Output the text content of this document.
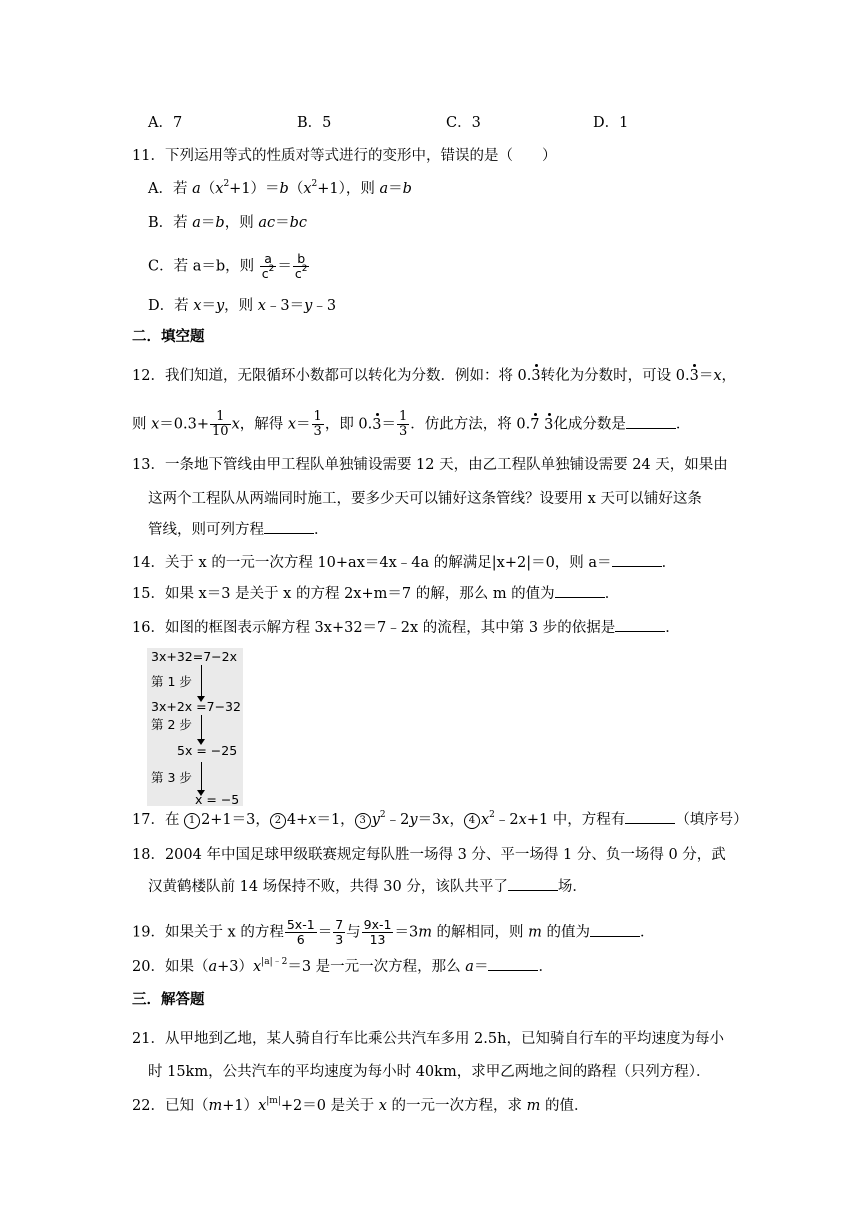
A．7	B．5	C．3	D．1
11．下列运用等式的性质对等式进行的变形中，错误的是（　　）
A．若 $a(x^2+1)=b(x^2+1)$，则 a＝b
B．若 a＝b，则 ac＝bc
C．若 a＝b，则 $\frac{a}{c^2} = \frac{b}{c^2}$
D．若 x＝y，则 x﹣3＝y﹣3
二．填空题
12．我们知道，无限循环小数都可以转化为分数．例如：将 0.3转化为分数时，可设 0.3＝x，
则 $x=0.3+ \frac{1}{10}$ x，解得 $x= \frac{1}{3}$ ，即 $0.3= \frac{1}{3}$ ．仿此方法，将 0.7 3化成分数是	．
13．一条地下管线由甲工程队单独铺设需要 12 天，由乙工程队单独铺设需要 24 天，如果由
这两个工程队从两端同时施工，要多少天可以铺好这条管线？设要用 x 天可以铺好这条
管线，则可列方程	．
14．关于 x 的一元一次方程 10+ax＝4x﹣4a 的解满足|x+2|＝0，则 a＝	．
15．如果 x＝3 是关于 x 的方程 2x+m＝7 的解，那么 m 的值为	．
16．如图的框图表示解方程 3x+32＝7﹣2x 的流程，其中第 3 步的依据是	．
3x+32=7−2x
第 1 步
3x+2x =7−32
第 2 步
5x = −25
第 3 步
x = −5
17．在 1 2+1＝3， 2 4+x＝1， 3 $y^2﹣2y=3x$， 4 $x^2﹣2x+1$ 中，方程有	（填序号）
18．2004 年中国足球甲级联赛规定每队胜一场得 3 分、平一场得 1 分、负一场得 0 分，武
汉黄鹤楼队前 14 场保持不败，共得 30 分，该队共平了	场．
19．如果关于 x 的方程 $\frac{5x-1}{6} = \frac{7}{3}$ 与 $\frac{9x-1}{13} =3m$ 的解相同，则 m 的值为	．
20．如果$(a+3)x^{|a|﹣2}=3$ 是一元一次方程，那么 a＝	．
三．解答题
21．从甲地到乙地，某人骑自行车比乘公共汽车多用 2.5h，已知骑自行车的平均速度为每小
时 15km，公共汽车的平均速度为每小时 40km，求甲乙两地之间的路程（只列方程）．
22．已知$(m+1)x^{|m|}+2=0$ 是关于 x 的一元一次方程，求 m 的值．
